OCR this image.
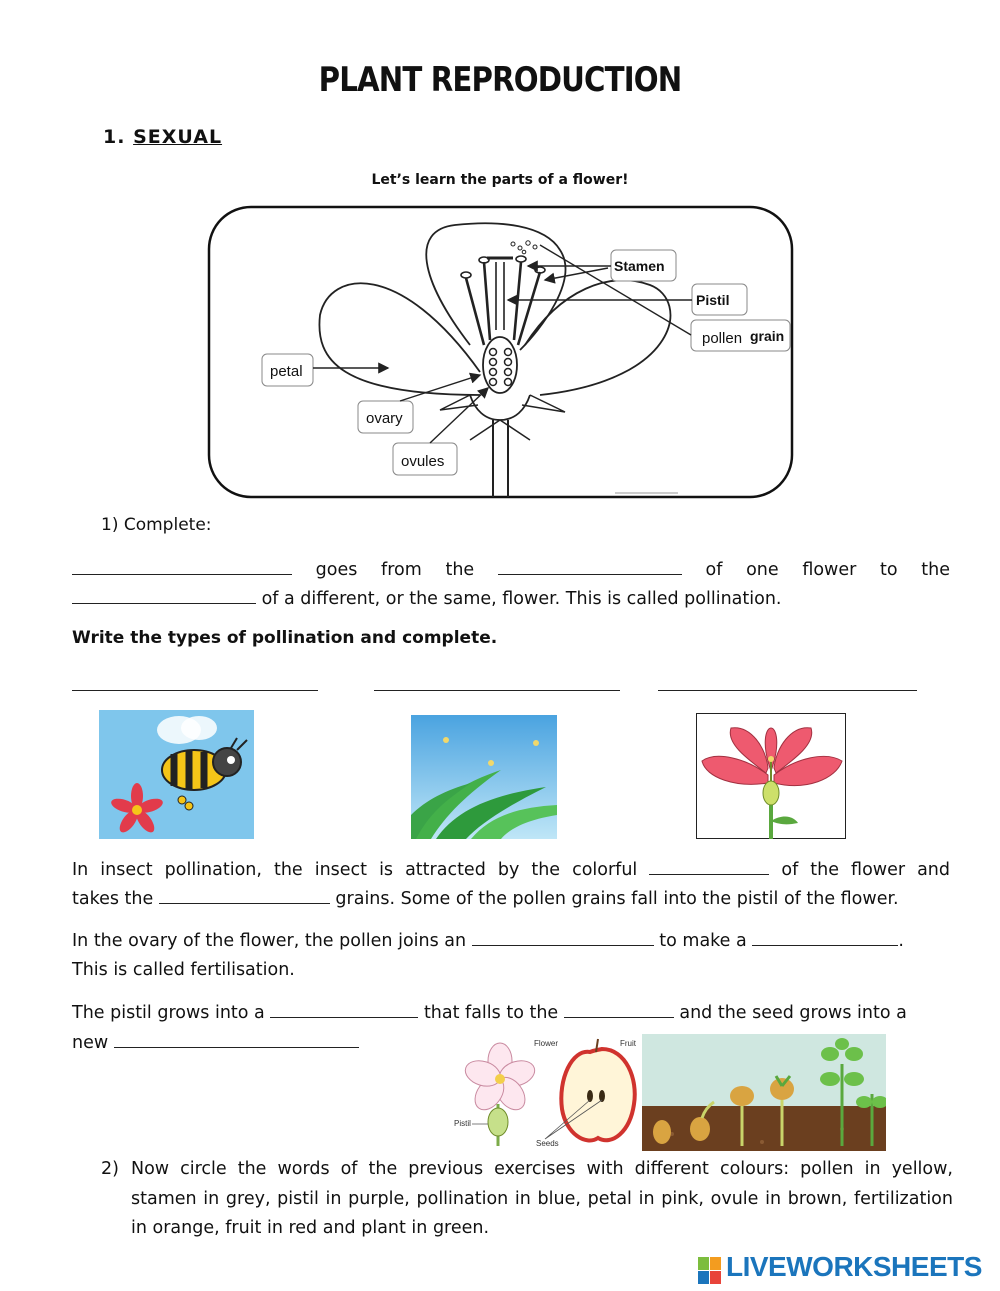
PLANT REPRODUCTION
1. SEXUAL
Let’s learn the parts of a flower!
Stamen
Pistil
pollen grain
petal
ovary
ovules
1) Complete:
goes from the	of one flower to the
of a different, or the same, flower. This is called pollination.
Write the types of pollination and complete.
In insect pollination, the insect is attracted by the colorful	of the flower and
takes the	grains. Some of the pollen grains fall into the pistil of the flower.
In the ovary of the flower, the pollen joins an	to make a	.
This is called fertilisation.
The pistil grows into a	that falls to the	and the seed grows into a
new	Flower	Fruit
Pistil
Seeds
2) Now circle the words of the previous exercises with different colours: pollen in yellow, stamen in grey, pistil in purple, pollination in blue, petal in pink, ovule in brown, fertilization in orange, fruit in red and plant in green.
LIVEWORKSHEETS
